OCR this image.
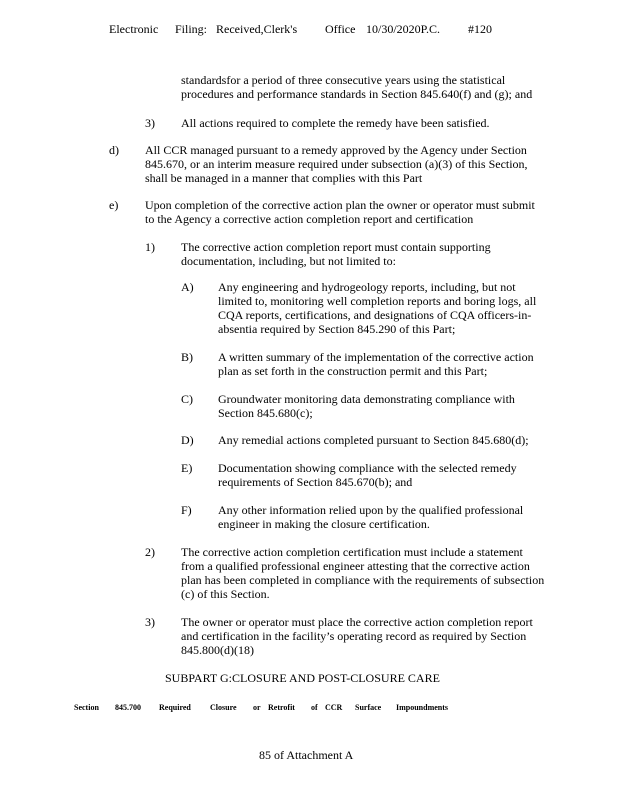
Electronic Filing: Received,Clerk's Office 10/30/2020P.C. #120
standardsfor a period of three consecutive years using the statistical
procedures and performance standards in Section 845.640(f) and (g); and
3) All actions required to complete the remedy have been satisfied.
d) All CCR managed pursuant to a remedy approved by the Agency under Section
845.670, or an interim measure required under subsection (a)(3) of this Section,
shall be managed in a manner that complies with this Part
e) Upon completion of the corrective action plan the owner or operator must submit
to the Agency a corrective action completion report and certification
1) The corrective action completion report must contain supporting
documentation, including, but not limited to:
A) Any engineering and hydrogeology reports, including, but not
limited to, monitoring well completion reports and boring logs, all
CQA reports, certifications, and designations of CQA officers-in-
absentia required by Section 845.290 of this Part;
B) A written summary of the implementation of the corrective action
plan as set forth in the construction permit and this Part;
C) Groundwater monitoring data demonstrating compliance with
Section 845.680(c);
D) Any remedial actions completed pursuant to Section 845.680(d);
E) Documentation showing compliance with the selected remedy
requirements of Section 845.670(b); and
F) Any other information relied upon by the qualified professional
engineer in making the closure certification.
2) The corrective action completion certification must include a statement
from a qualified professional engineer attesting that the corrective action
plan has been completed in compliance with the requirements of subsection
(c) of this Section.
3) The owner or operator must place the corrective action completion report
and certification in the facility’s operating record as required by Section
845.800(d)(18)
SUBPART G:CLOSURE AND POST-CLOSURE CARE
Section 845.700 Required Closure or Retrofit of CCR Surface Impoundments
85 of Attachment A
